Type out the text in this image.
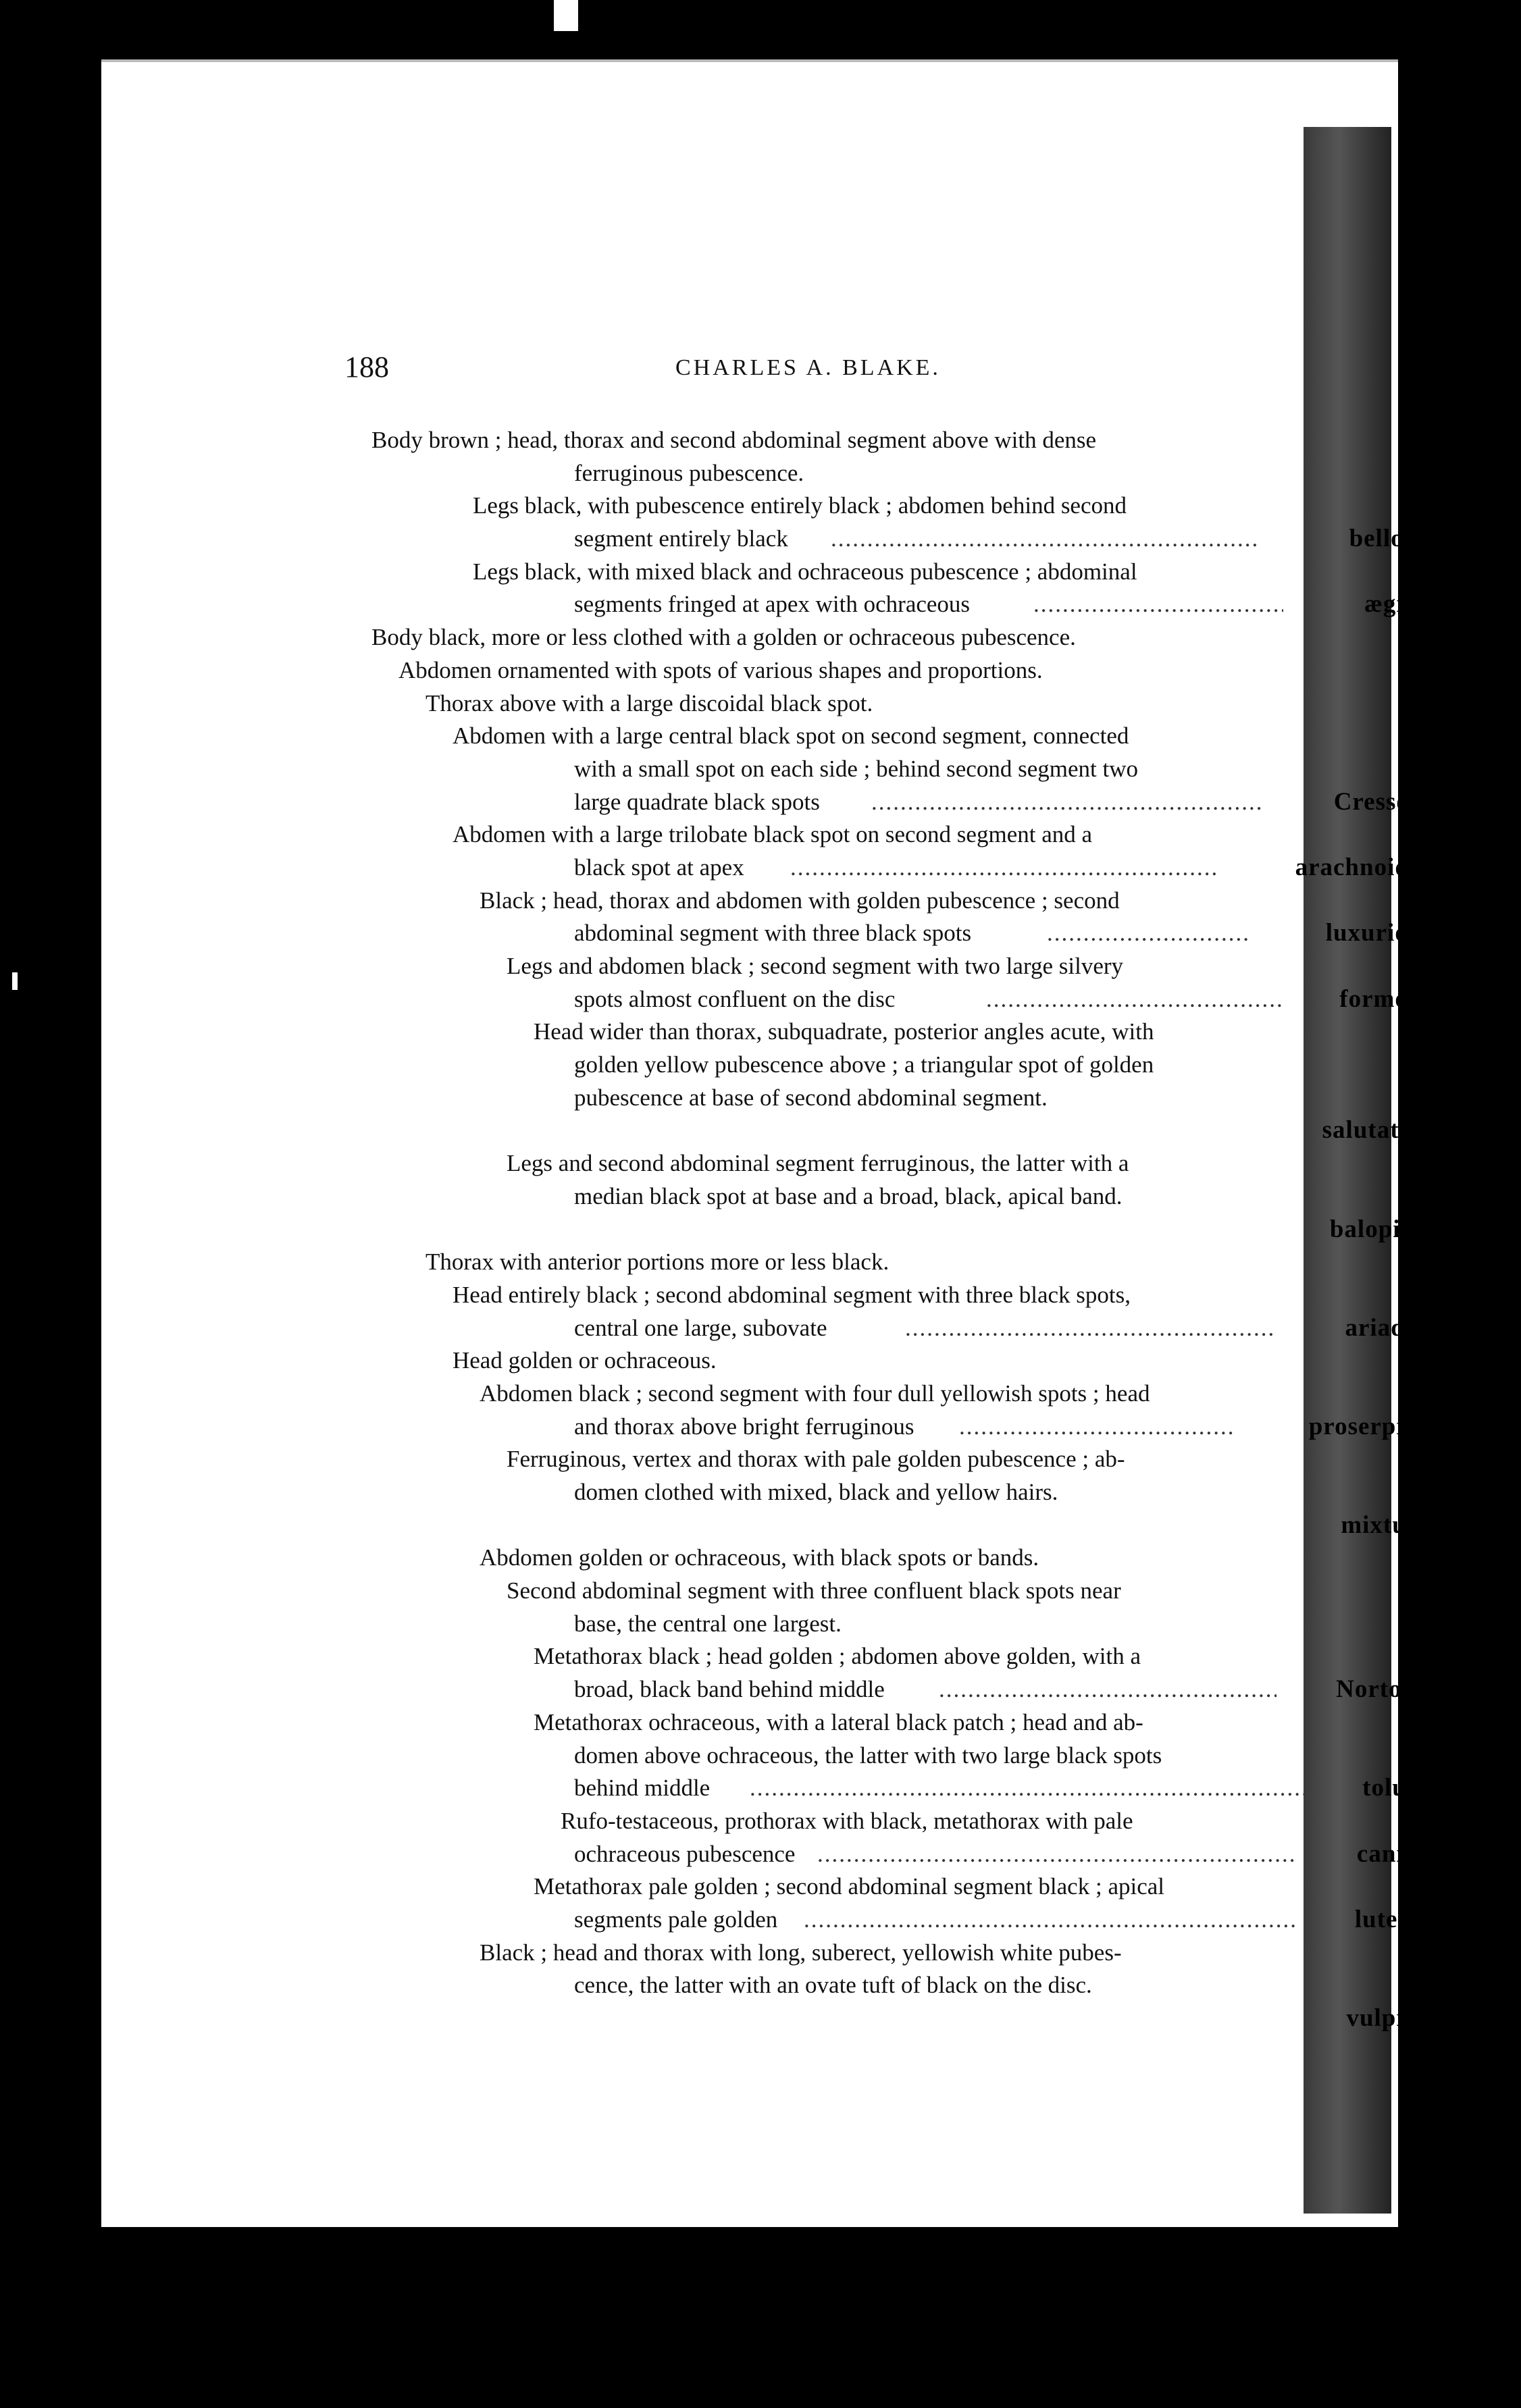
188	CHARLES A. BLAKE.
Body brown ; head, thorax and second abdominal segment above with dense
ferruginous pubescence.
Legs black, with pubescence entirely black ; abdomen behind second
segment entirely black .....	bellona.
Legs black, with mixed black and ochraceous pubescence ; abdominal
segments fringed at apex with ochraceous .....	ægina.
Body black, more or less clothed with a golden or ochraceous pubescence.
Abdomen ornamented with spots of various shapes and proportions.
Thorax above with a large discoidal black spot.
Abdomen with a large central black spot on second segment, connected
with a small spot on each side ; behind second segment two
large quadrate black spots .....	Cressoni.
Abdomen with a large trilobate black spot on second segment and a
black spot at apex .....	arachnoides.
Black ; head, thorax and abdomen with golden pubescence ; second
abdominal segment with three black spots .....	luxuriosa.
Legs and abdomen black ; second segment with two large silvery
spots almost confluent on the disc .....	formosa.
Head wider than thorax, subquadrate, posterior angles acute, with
golden yellow pubescence above ; a triangular spot of golden
pubescence at base of second abdominal segment.
salutatrix.
Legs and second abdominal segment ferruginous, the latter with a
median black spot at base and a broad, black, apical band.
balopilas.
Thorax with anterior portions more or less black.
Head entirely black ; second abdominal segment with three black spots,
central one large, subovate .....	ariadne.
Head golden or ochraceous.
Abdomen black ; second segment with four dull yellowish spots ; head
and thorax above bright ferruginous .....	proserpina.
Ferruginous, vertex and thorax with pale golden pubescence ; ab-
domen clothed with mixed, black and yellow hairs.
mixtura.
Abdomen golden or ochraceous, with black spots or bands.
Second abdominal segment with three confluent black spots near
base, the central one largest.
Metathorax black ; head golden ; abdomen above golden, with a
broad, black band behind middle .....	Nortonii.
Metathorax ochraceous, with a lateral black patch ; head and ab-
domen above ochraceous, the latter with two large black spots
behind middle .....	toluca.
Rufo-testaceous, prothorax with black, metathorax with pale
ochraceous pubescence .....	canina.
Metathorax pale golden ; second abdominal segment black ; apical
segments pale golden .....	luteola.
Black ; head and thorax with long, suberect, yellowish white pubes-
cence, the latter with an ovate tuft of black on the disc.
vulpina.
